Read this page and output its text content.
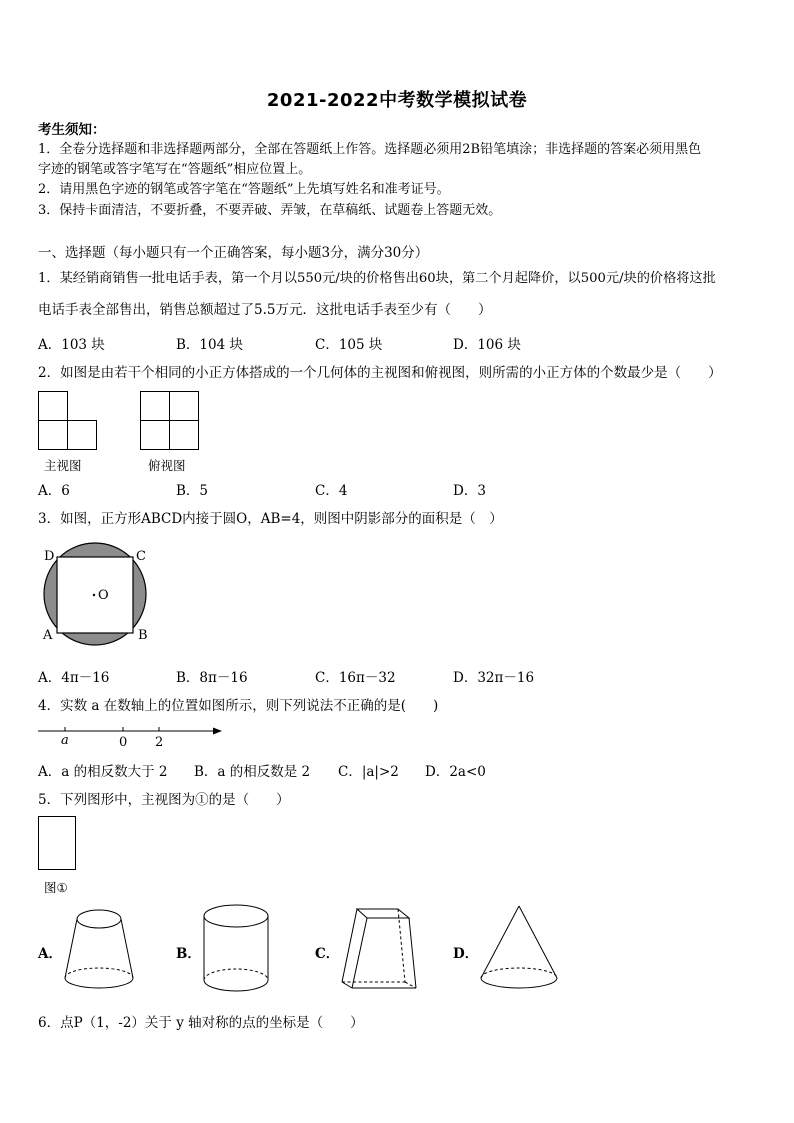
2021-2022中考数学模拟试卷
考生须知：
1．全卷分选择题和非选择题两部分，全部在答题纸上作答。选择题必须用2B铅笔填涂；非选择题的答案必须用黑色
字迹的钢笔或答字笔写在“答题纸”相应位置上。
2．请用黑色字迹的钢笔或答字笔在“答题纸”上先填写姓名和准考证号。
3．保持卡面清洁，不要折叠，不要弄破、弄皱，在草稿纸、试题卷上答题无效。
一、选择题（每小题只有一个正确答案，每小题3分，满分30分）
1．某经销商销售一批电话手表，第一个月以550元/块的价格售出60块，第二个月起降价，以500元/块的价格将这批
电话手表全部售出，销售总额超过了5.5万元．这批电话手表至少有（　　）
A．103 块	B．104 块	C．105 块	D．106 块
2．如图是由若干个相同的小正方体搭成的一个几何体的主视图和俯视图，则所需的小正方体的个数最少是（　　）
主视图	俯视图
A．6	B．5	C．4	D．3
3．如图，正方形ABCD内接于圆O，AB=4，则图中阴影部分的面积是（　）
D	C
A	B
O
A．4π－16	B．8π－16	C．16π－32	D．32π－16
4．实数 a 在数轴上的位置如图所示，则下列说法不正确的是(　　)
a	0 2
A．a 的相反数大于 2 B．a 的相反数是 2 C．|a|>2 D．2a<0
5．下列图形中，主视图为①的是（　　）
图①
A．	B．	C．	D．
6．点P（1，-2）关于 y 轴对称的点的坐标是（　　）
